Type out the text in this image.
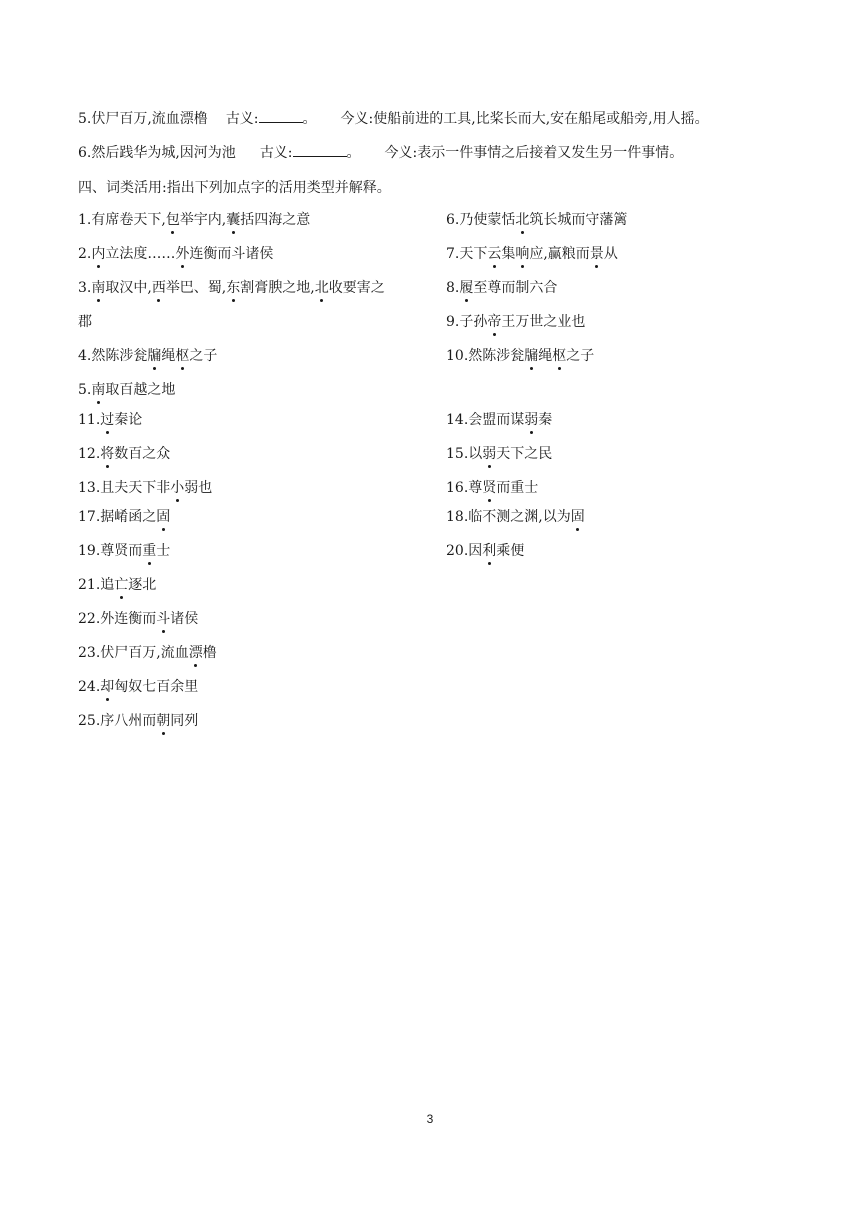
5.伏尸百万,流血漂橹 古义:	。 今义:使船前进的工具,比桨长而大,安在船尾或船旁,用人摇。
6.然后践华为城,因河为池 古义:	。 今义:表示一件事情之后接着又发生另一件事情。
四、词类活用:指出下列加点字的活用类型并解释。
1.有席卷天下,包举宇内,囊括四海之意	6.乃使蒙恬北筑长城而守藩篱
2.内立法度……外连衡而斗诸侯	7.天下云集响应,赢粮而景从
3.南取汉中,西举巴、蜀,东割膏腴之地,北收要害之	8.履至尊而制六合
郡	9.子孙帝王万世之业也
4.然陈涉瓮牖绳枢之子	10.然陈涉瓮牖绳枢之子
5.南取百越之地
11.过秦论	14.会盟而谋弱秦
12.将数百之众	15.以弱天下之民
13.且夫天下非小弱也	16.尊贤而重士
17.据崤函之固	18.临不测之渊,以为固
19.尊贤而重士	20.因利乘便
21.追亡逐北
22.外连衡而斗诸侯
23.伏尸百万,流血漂橹
24.却匈奴七百余里
25.序八州而朝同列
3
